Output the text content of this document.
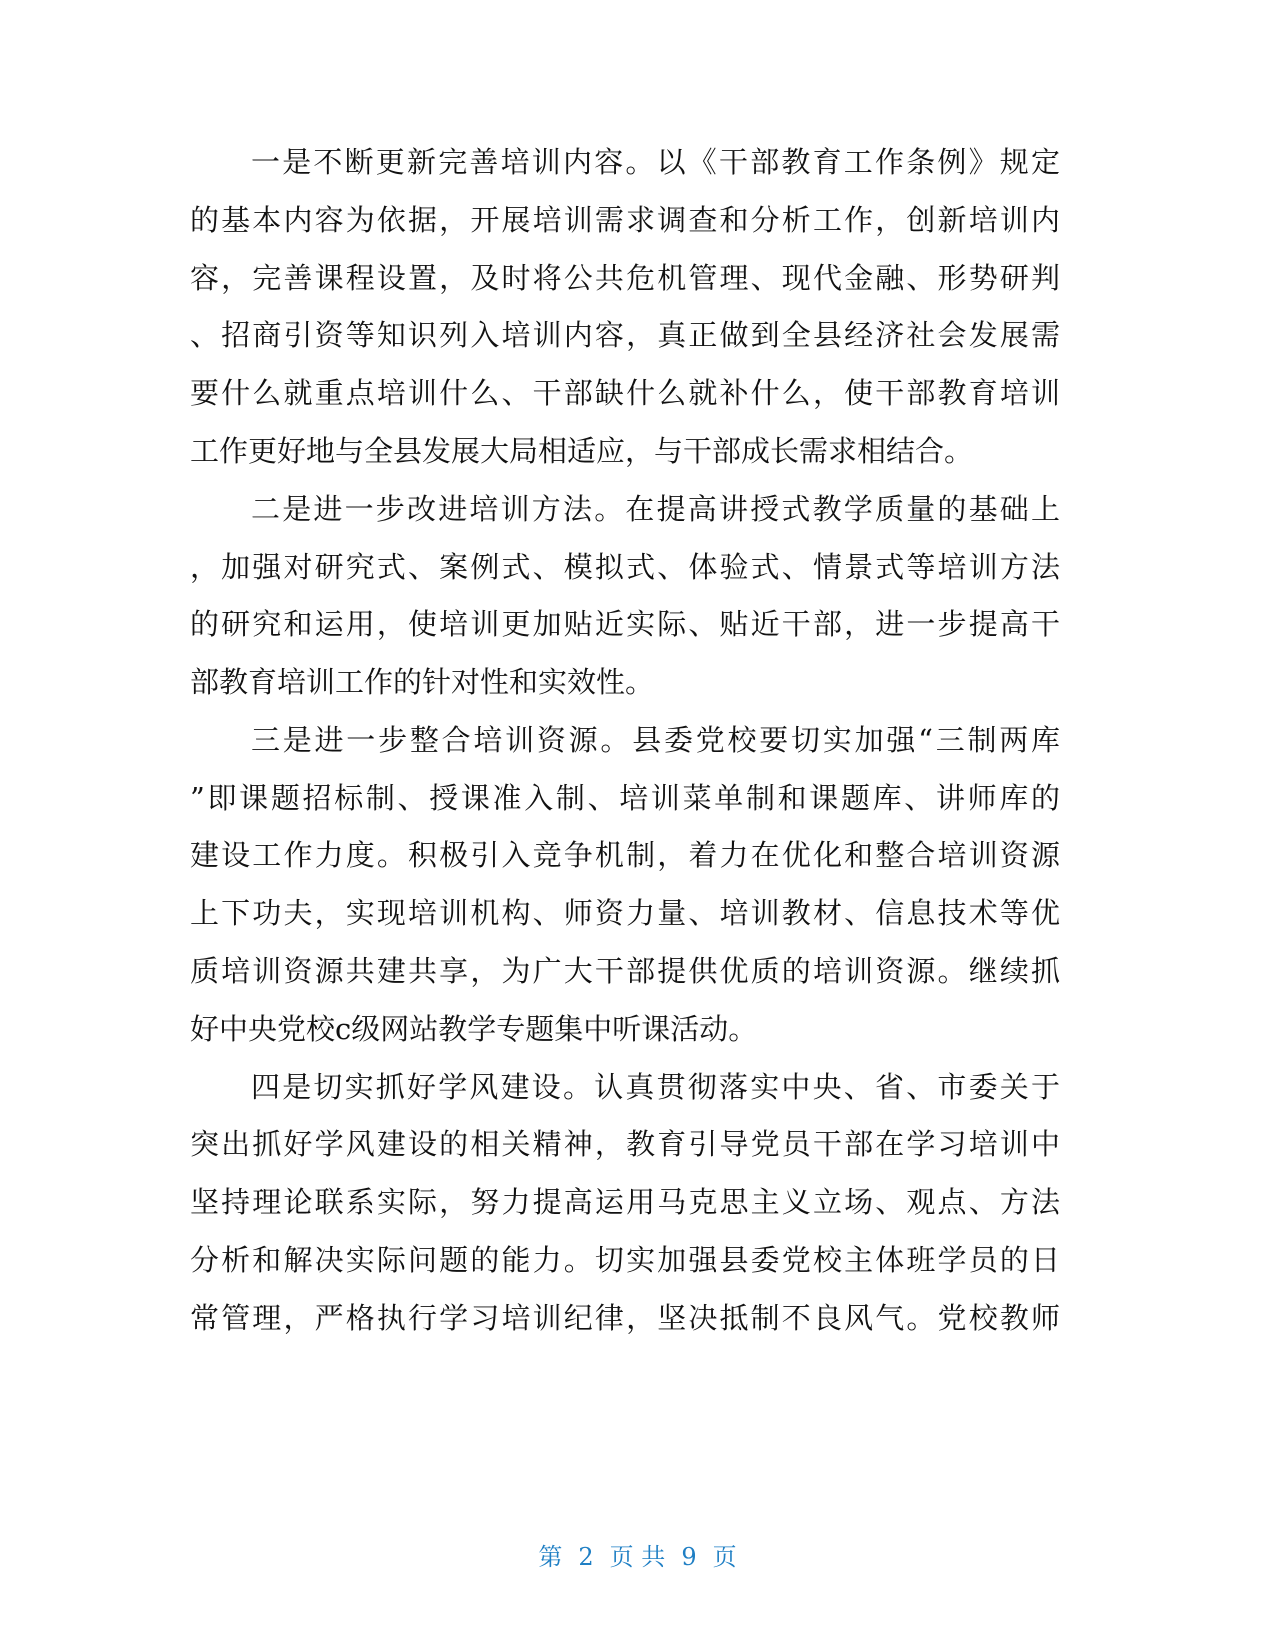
一是不断更新完善培训内容。以《干部教育工作条例》规定
的基本内容为依据，开展培训需求调查和分析工作，创新培训内
容，完善课程设置，及时将公共危机管理、现代金融、形势研判
、招商引资等知识列入培训内容，真正做到全县经济社会发展需
要什么就重点培训什么、干部缺什么就补什么，使干部教育培训
工作更好地与全县发展大局相适应，与干部成长需求相结合。
二是进一步改进培训方法。在提高讲授式教学质量的基础上
，加强对研究式、案例式、模拟式、体验式、情景式等培训方法
的研究和运用，使培训更加贴近实际、贴近干部，进一步提高干
部教育培训工作的针对性和实效性。
三是进一步整合培训资源。县委党校要切实加强“三制两库
”即课题招标制、授课准入制、培训菜单制和课题库、讲师库的
建设工作力度。积极引入竞争机制，着力在优化和整合培训资源
上下功夫，实现培训机构、师资力量、培训教材、信息技术等优
质培训资源共建共享，为广大干部提供优质的培训资源。继续抓
好中央党校c级网站教学专题集中听课活动。
四是切实抓好学风建设。认真贯彻落实中央、省、市委关于
突出抓好学风建设的相关精神，教育引导党员干部在学习培训中
坚持理论联系实际，努力提高运用马克思主义立场、观点、方法
分析和解决实际问题的能力。切实加强县委党校主体班学员的日
常管理，严格执行学习培训纪律，坚决抵制不良风气。党校教师
第 2 页 共 9 页
